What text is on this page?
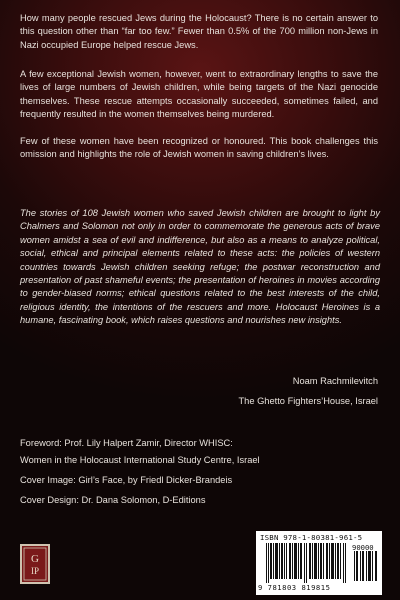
How many people rescued Jews during the Holocaust? There is no certain answer to this question other than “far too few.” Fewer than 0.5% of the 700 million non-Jews in Nazi occupied Europe helped rescue Jews.

A few exceptional Jewish women, however, went to extraordinary lengths to save the lives of large numbers of Jewish children, while being targets of the Nazi genocide themselves. These rescue attempts occasionally succeeded, sometimes failed, and frequently resulted in the women themselves being murdered.

Few of these women have been recognized or honoured. This book challenges this omission and highlights the role of Jewish women in saving children’s lives.

The stories of 108 Jewish women who saved Jewish children are brought to light by Chalmers and Solomon not only in order to commemorate the generous acts of brave women amidst a sea of evil and indifference, but also as a means to analyze political, social, ethical and principal elements related to these acts: the policies of western countries towards Jewish children seeking refuge; the postwar reconstruction and presentation of past shameful events; the presentation of heroines in movies according to gender-biased norms; ethical questions related to the best interests of the child, religious identity, the intentions of the rescuers and more. Holocaust Heroines is a humane, fascinating book, which raises questions and nourishes new insights.

Noam Rachmilevitch
The Ghetto Fighters’House, Israel
Foreword: Prof. Lily Halpert Zamir, Director WHISC:
Women in the Holocaust International Study Centre, Israel
Cover Image: Girl’s Face, by Friedl Dicker-Brandeis
Cover Design: Dr. Dana Solomon, D-Editions
G
IP
ISBN 978-1-80381-961-5
90000
9 781803 819815
